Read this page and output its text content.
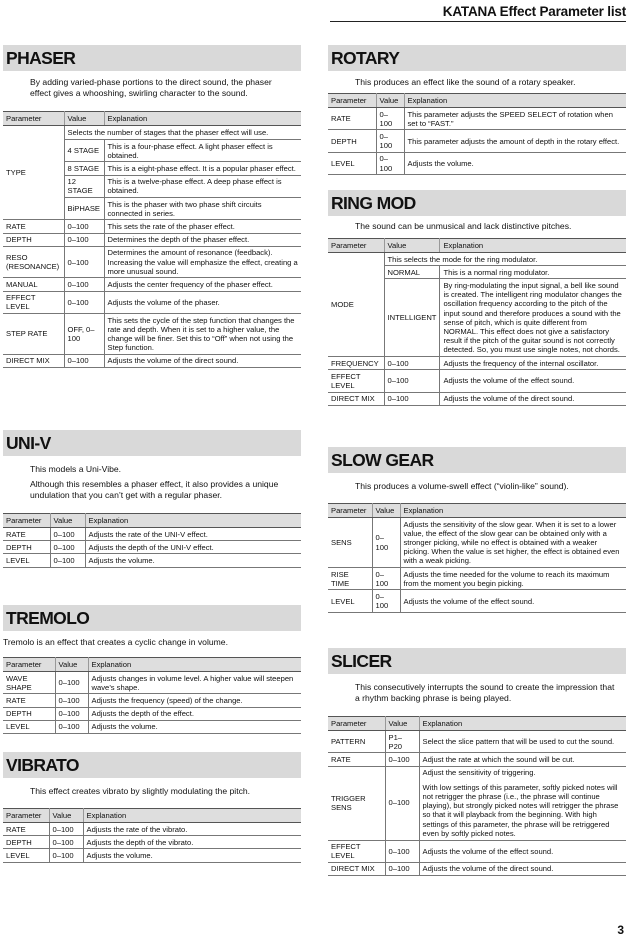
KATANA Effect Parameter list
PHASER
By adding varied-phase portions to the direct sound, the phaser effect gives a whooshing, swirling character to the sound.
Parameter	Value	Explanation
TYPE	Selects the number of stages that the phaser effect will use.	
	4 STAGE	This is a four-phase effect. A light phaser effect is obtained.
	8 STAGE	This is a eight-phase effect. It is a popular phaser effect.
	12 STAGE	This is a twelve-phase effect. A deep phase effect is obtained.
	BiPHASE	This is the phaser with two phase shift circuits connected in series.
RATE	0–100	This sets the rate of the phaser effect.
DEPTH	0–100	Determines the depth of the phaser effect.
RESO (RESONANCE)	0–100	Determines the amount of resonance (feedback). Increasing the value will emphasize the effect, creating a more unusual sound.
MANUAL	0–100	Adjusts the center frequency of the phaser effect.
EFFECT LEVEL	0–100	Adjusts the volume of the phaser.
STEP RATE	OFF, 0–100	This sets the cycle of the step function that changes the rate and depth. When it is set to a higher value, the change will be finer. Set this to “Off” when not using the Step function.
DIRECT MIX	0–100	Adjusts the volume of the direct sound.
UNI-V

This models a Uni-Vibe.

Although this resembles a phaser effect, it also provides a unique undulation that you can’t get with a regular phaser.

Parameter	Value	Explanation
RATE	0–100	Adjusts the rate of the UNI-V effect.
DEPTH	0–100	Adjusts the depth of the UNI-V effect.
LEVEL	0–100	Adjusts the volume.
TREMOLO
Tremolo is an effect that creates a cyclic change in volume.
Parameter	Value	Explanation
WAVE SHAPE	0–100	Adjusts changes in volume level. A higher value will steepen wave’s shape.
RATE	0–100	Adjusts the frequency (speed) of the change.
DEPTH	0–100	Adjusts the depth of the effect.
LEVEL	0–100	Adjusts the volume.
VIBRATO
This effect creates vibrato by slightly modulating the pitch.
Parameter	Value	Explanation
RATE	0–100	Adjusts the rate of the vibrato.
DEPTH	0–100	Adjusts the depth of the vibrato.
LEVEL	0–100	Adjusts the volume.
ROTARY
This produces an effect like the sound of a rotary speaker.
Parameter	Value	Explanation
RATE	0–100	This parameter adjusts the SPEED SELECT of rotation when set to “FAST.”
DEPTH	0–100	This parameter adjusts the amount of depth in the rotary effect.
LEVEL	0–100	Adjusts the volume.
RING MOD
The sound can be unmusical and lack distinctive pitches.
Parameter	Value	Explanation
MODE	This selects the mode for the ring modulator.	
	NORMAL	This is a normal ring modulator.
	INTELLIGENT	By ring-modulating the input signal, a bell like sound is created. The intelligent ring modulator changes the oscillation frequency according to the pitch of the input sound and therefore produces a sound with the sense of pitch, which is quite different from NORMAL. This effect does not give a satisfactory result if the pitch of the guitar sound is not correctly detected. So, you must use single notes, not chords.
FREQUENCY	0–100	Adjusts the frequency of the internal oscillator.
EFFECT LEVEL	0–100	Adjusts the volume of the effect sound.
DIRECT MIX	0–100	Adjusts the volume of the direct sound.
SLOW GEAR
This produces a volume-swell effect (“violin-like” sound).
Parameter	Value	Explanation
SENS	0–100	Adjusts the sensitivity of the slow gear. When it is set to a lower value, the effect of the slow gear can be obtained only with a stronger picking, while no effect is obtained with a weaker picking. When the value is set higher, the effect is obtained even with a weak picking.
RISE TIME	0–100	Adjusts the time needed for the volume to reach its maximum from the moment you begin picking.
LEVEL	0–100	Adjusts the volume of the effect sound.
SLICER
This consecutively interrupts the sound to create the impression that a rhythm backing phrase is being played.
Parameter	Value	Explanation
PATTERN	P1–P20	Select the slice pattern that will be used to cut the sound.
RATE	0–100	Adjust the rate at which the sound will be cut.
TRIGGER SENS	0–100	Adjust the sensitivity of triggering.
		With low settings of this parameter, softly picked notes will not retrigger the phrase (i.e., the phrase will continue playing), but strongly picked notes will retrigger the phrase so that it will playback from the beginning. With high settings of this parameter, the phrase will be retriggered even by softly picked notes.
EFFECT LEVEL	0–100	Adjusts the volume of the effect sound.
DIRECT MIX	0–100	Adjusts the volume of the direct sound.
3
